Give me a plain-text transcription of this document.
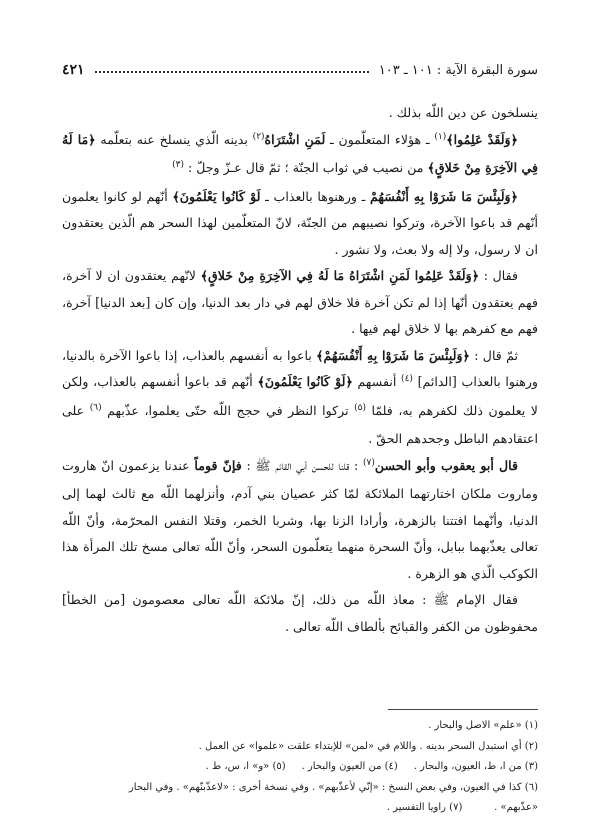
سورة البقرة الآية : ١٠١ ـ ١٠٣
٤٢١

ينسلخون عن دين اللّه بذلك .

﴿وَلَقَدْ عَلِمُوا﴾$^{(١)}$ ـ هؤلاء المتعلّمون ـ لَمَنِ اشْتَرَاهُ$^{(٢)}$ بدينه الّذي ينسلخ عنه بتعلّمه ﴿مَا لَهُ فِي الآخِرَةِ مِنْ خَلاقٍ﴾ من نصيب في ثواب الجنّة ؛ ثمّ قال عـزّ وجلّ : $^{(٣)}$

﴿وَلَبِئْسَ مَا شَرَوْا بِهِ أَنْفُسَهُمْ ـ ورهنوها بالعذاب ـ لَوْ كَانُوا يَعْلَمُونَ﴾ أنّهم لو كانوا يعلمون أنّهم قد باعوا الآخرة، وتركوا نصيبهم من الجنّة، لانّ المتعلّمين لهذا السحر هم الّذين يعتقدون ان لا رسول، ولا إله ولا بعث، ولا نشور .

فقال : ﴿وَلَقَدْ عَلِمُوا لَمَنِ اشْتَرَاهُ مَا لَهُ فِي الآخِرَةِ مِنْ خَلاقٍ﴾ لانّهم يعتقدون ان لا آخرة، فهم يعتقدون أنّها إذا لم تكن آخرة فلا خلاق لهم في دار بعد الدنيا، وإن كان [بعد الدنيا] آخرة، فهم مع كفرهم بها لا خلاق لهم فيها .

ثمّ قال : ﴿وَلَبِئْسَ مَا شَرَوْا بِهِ أَنْفُسَهُمْ﴾ باعوا به أنفسهم بالعذاب، إذا باعوا الآخرة بالدنيا، ورهنوا بالعذاب [الدائم] $^{(٤)}$ أنفسهم ﴿لَوْ كَانُوا يَعْلَمُونَ﴾ أنّهم قد باعوا أنفسهم بالعذاب، ولكن لا يعلمون ذلك لكفرهم به، فلمّا $^{(٥)}$ تركوا النظر في حجج اللّه حتّى يعلموا، عذّبهم $^{(٦)}$ على اعتقادهم الباطل وجحدهم الحقّ .

قال أبو يعقوب وأبو الحسن$^{(٧)}$ : قلنا للحسن أبي القائم ﷺ : فإنّ قوماً عندنا يزعمون انّ هاروت وماروت ملكان اختارتهما الملائكة لمّا كثر عصيان بني آدم، وأنزلهما اللّه مع ثالث لهما إلى الدنيا، وأنّهما افتتنا بالزهرة، وأرادا الزنا بها، وشربا الخمر، وقتلا النفس المحرّمة، وأنّ اللّه تعالى يعذّبهما ببابل، وأنّ السحرة منهما يتعلّمون السحر، وأنّ اللّه تعالى مسخ تلك المرأة هذا الكوكب الّذي هو الزهرة .

فقال الإمام ﷺ : معاذ اللّه من ذلك، إنّ ملائكة اللّه تعالى معصومون [من الخطأ] محفوظون من الكفر والقبائح بألطاف اللّه تعالى .

(١) «علم» الاصل والبحار .

(٢) أي استبدل السحر بدينه . واللام في «لمن» للإبتداء علقت «علموا» عن العمل .

(٣) من ا، ط، العيون، والبحار .     (٤) من العيون والبحار .     (٥) «و» ا، س، ط .

(٦) كذا في العيون، وفي بعض النسخ : «إنّي لأعذّبهم» . وفي نسخة أخرى : «لاعذّبنّهم» . وفي البحار

«عذّبهم» .          (٧) راويا التفسير .
